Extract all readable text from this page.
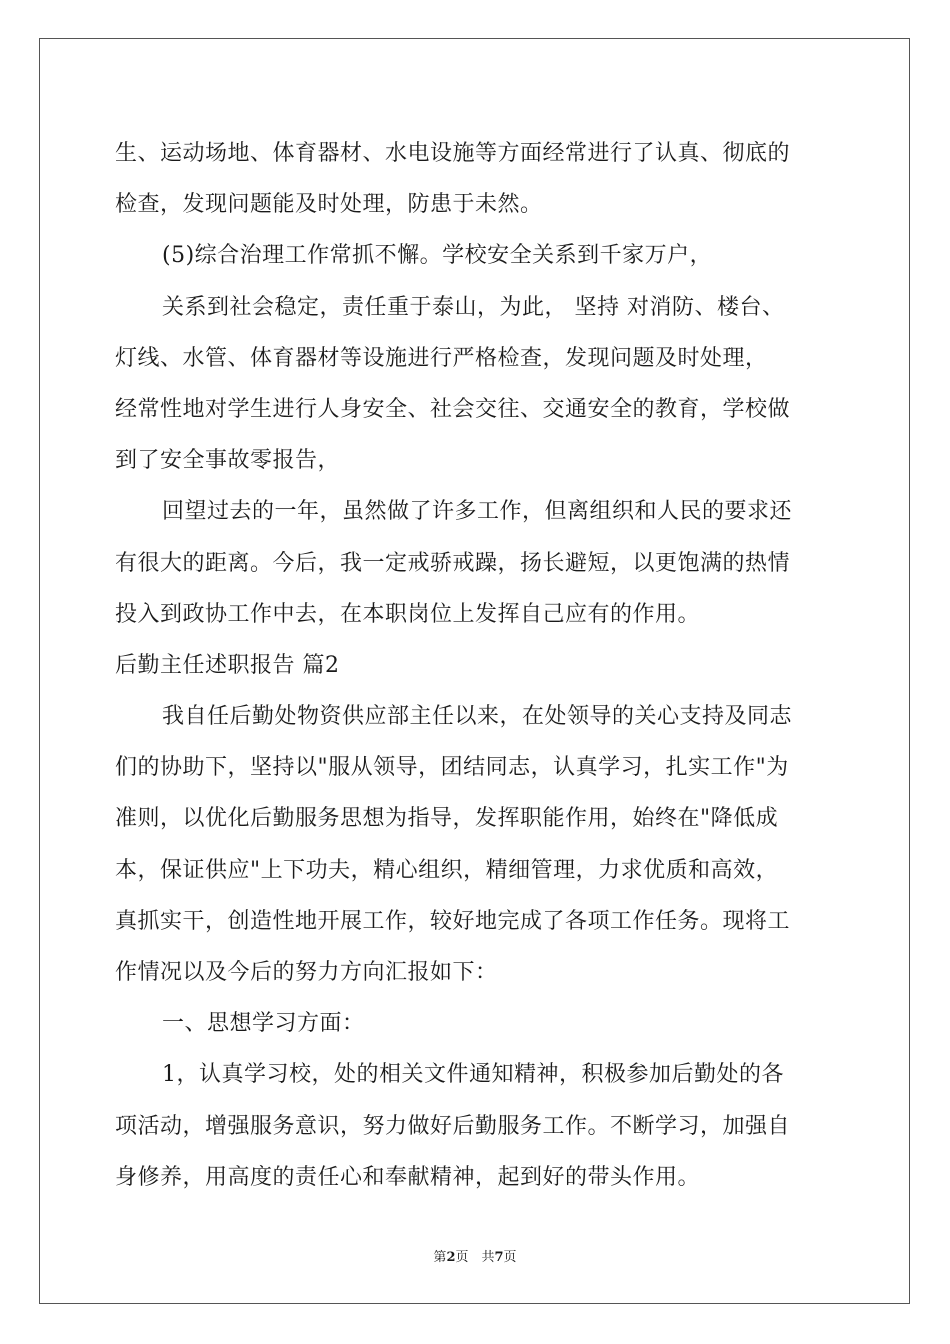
生、运动场地、体育器材、水电设施等方面经常进行了认真、彻底的
检查，发现问题能及时处理，防患于未然。
(5)综合治理工作常抓不懈。学校安全关系到千家万户，
关系到社会稳定，责任重于泰山，为此， 坚持 对消防、楼台、
灯线、水管、体育器材等设施进行严格检查，发现问题及时处理，
经常性地对学生进行人身安全、社会交往、交通安全的教育，学校做
到了安全事故零报告，
回望过去的一年，虽然做了许多工作，但离组织和人民的要求还
有很大的距离。今后，我一定戒骄戒躁，扬长避短，以更饱满的热情
投入到政协工作中去，在本职岗位上发挥自己应有的作用。
后勤主任述职报告 篇2
我自任后勤处物资供应部主任以来，在处领导的关心支持及同志
们的协助下，坚持以"服从领导，团结同志，认真学习，扎实工作"为
准则，以优化后勤服务思想为指导，发挥职能作用，始终在"降低成
本，保证供应"上下功夫，精心组织，精细管理，力求优质和高效，
真抓实干，创造性地开展工作，较好地完成了各项工作任务。现将工
作情况以及今后的努力方向汇报如下：
一、思想学习方面：
1，认真学习校，处的相关文件通知精神，积极参加后勤处的各
项活动，增强服务意识，努力做好后勤服务工作。不断学习，加强自
身修养，用高度的责任心和奉献精神，起到好的带头作用。
第2页　共7页
